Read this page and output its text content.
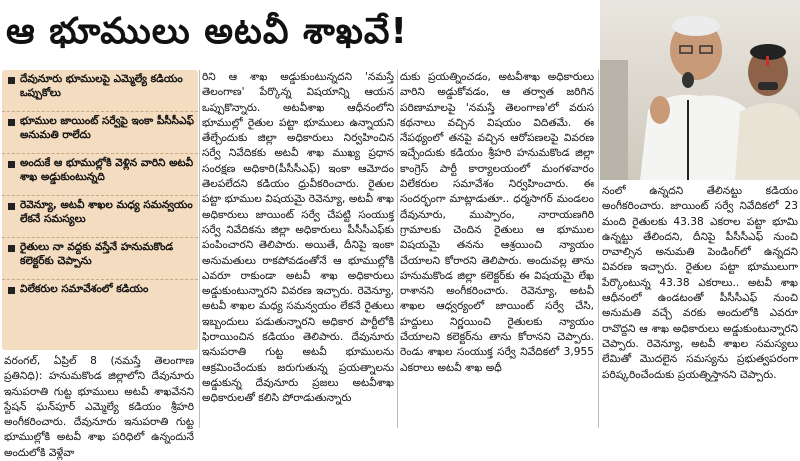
ఆ భూములు అటవీ శాఖవే!
దేవునూరు భూములపై ఎమ్మెల్యే కడియం ఒప్పుకోలు
భూముల జాయింట్ సర్వేపై ఇంకా పీసీసీఎఫ్ అనుమతి రాలేదు
అందుకే ఆ భూముల్లోకి వెళ్లిన వారిని అటవీ శాఖ అడ్డుకుంటున్నది
రెవెన్యూ, అటవీ శాఖల మధ్య సమన్వయం లేకనే సమస్యలు
రైతులు నా వద్దకు వస్తేనే హనుమకొండ కలెక్టర్‌కు చెప్పాను
విలేకరుల సమావేశంలో కడియం
వరంగల్, ఏప్రిల్ 8 (నమస్తే తెలంగాణ ప్రతినిధి): హనుమకొండ జిల్లాలోని దేవునూరు ఇనుపరాతి గుట్ట భూములు అటవీ శాఖవేనని స్టేషన్ ఘన్‌పూర్ ఎమ్మెల్యే కడియం శ్రీహరి అంగీకరించారు. దేవునూరు ఇనుపరాతి గుట్ట భూముల్లోకి అటవీ శాఖ పరిధిలో ఉన్నందునే అందులోకి వెళ్లేవా
రిని ఆ శాఖ అడ్డుకుంటున్నదని 'నమస్తే తెలంగాణ' పేర్కొన్న విషయాన్ని ఆయన ఒప్పుకొన్నారు. అటవీశాఖ ఆధీనంలోని భూముల్లో రైతుల పట్టా భూములు ఉన్నాయని తేల్చేందుకు జిల్లా అధికారులు నిర్వహించిన సర్వే నివేదికకు అటవీ శాఖ ముఖ్య ప్రధాన సంరక్షణ అధికారి(పీసీసీఎఫ్) ఇంకా ఆమోదం తెలపలేదని కడియం ధ్రువీకరించారు. రైతుల పట్టా భూముల విషయమై రెవెన్యూ, అటవీ శాఖ అధికారులు జాయింట్ సర్వే చేపట్టి సంయుక్త సర్వే నివేదికను జిల్లా అధికారులు పీసీసీఎఫ్‌కు పంపించారని తెలిపారు. అయితే, దీనిపై ఇంకా అనుమతులు రాకపోవడంతోనే ఆ భూముల్లోకి ఎవరూ రాకుండా అటవీ శాఖ అధికారులు అడ్డుకుంటున్నారని వివరణ ఇచ్చారు. రెవెన్యూ, అటవీ శాఖల మధ్య సమన్వయం లేకనే రైతులు ఇబ్బందులు పడుతున్నారని అధికార పార్టీలోకి ఫిరాయించిన కడియం తెలిపారు. దేవునూరు ఇనుపరాతి గుట్ట అటవీ భూములను ఆక్రమించేందుకు జరుగుతున్న ప్రయత్నాలను అడ్డుకున్న దేవునూరు ప్రజలు అటవీశాఖ అధికారులతో కలిసి పోరాడుతున్నారు
దుకు ప్రయత్నించడం, అటవీశాఖ అధికారులు వారిని అడ్డుకోవడం, ఆ తర్వాత జరిగిన పరిణామాలపై 'నమస్తే తెలంగాణ'లో వరుస కథనాలు వచ్చిన విషయం విదితమే. ఈ నేపథ్యంలో తనపై వచ్చిన ఆరోపణలపై వివరణ ఇచ్చేందుకు కడియం శ్రీహరి హనుమకొండ జిల్లా కాంగ్రెస్ పార్టీ కార్యాలయంలో మంగళవారం విలేకరుల సమావేశం నిర్వహించారు. ఈ సందర్భంగా మాట్లాడుతూ.. ధర్మసాగర్ మండలం దేవునూరు, ముప్పారం, నారాయణగిరి గ్రామాలకు చెందిన రైతులు ఆ భూముల విషయమై తనను ఆశ్రయించి న్యాయం చేయాలని కోరారని తెలిపారు. అందువల్ల తాను హనుమకొండ జిల్లా కలెక్టర్‌కు ఈ విషయమై లేఖ రాశానని అంగీకరించారు. రెవెన్యూ, అటవీ శాఖల ఆధ్వర్యంలో జాయింట్ సర్వే చేసి, హద్దులు నిర్ణయించి రైతులకు న్యాయం చేయాలని కలెక్టర్‌ను తాను కోరానని చెప్పారు. రెండు శాఖల సంయుక్త సర్వే నివేదికలో 3,955 ఎకరాలు అటవీ శాఖ అధీ
నంలో ఉన్నదని తేలినట్టు కడియం అంగీకరించారు. జాయింట్ సర్వే నివేదికలో 23 మంది రైతులకు 43.38 ఎకరాల పట్టా భూమి ఉన్నట్టు తేలిందని, దీనిపై పీసీసీఎఫ్ నుంచి రావాల్సిన అనుమతి పెండింగ్‌లో ఉన్నదని వివరణ ఇచ్చారు. రైతుల పట్టా భూములుగా పేర్కొంటున్న 43.38 ఎకరాలు.. అటవీ శాఖ ఆధీనంలో ఉండటంతో పీసీసీఎఫ్ నుంచి అనుమతి వచ్చే వరకు అందులోకి ఎవరూ రావొద్దని ఆ శాఖ అధికారులు అడ్డుకుంటున్నారని చెప్పారు. రెవెన్యూ, అటవీ శాఖల సమస్యలు లేమితో మొదలైన సమస్యను ప్రభుత్వపరంగా పరిష్కరించేందుకు ప్రయత్నిస్తానని చెప్పారు.
